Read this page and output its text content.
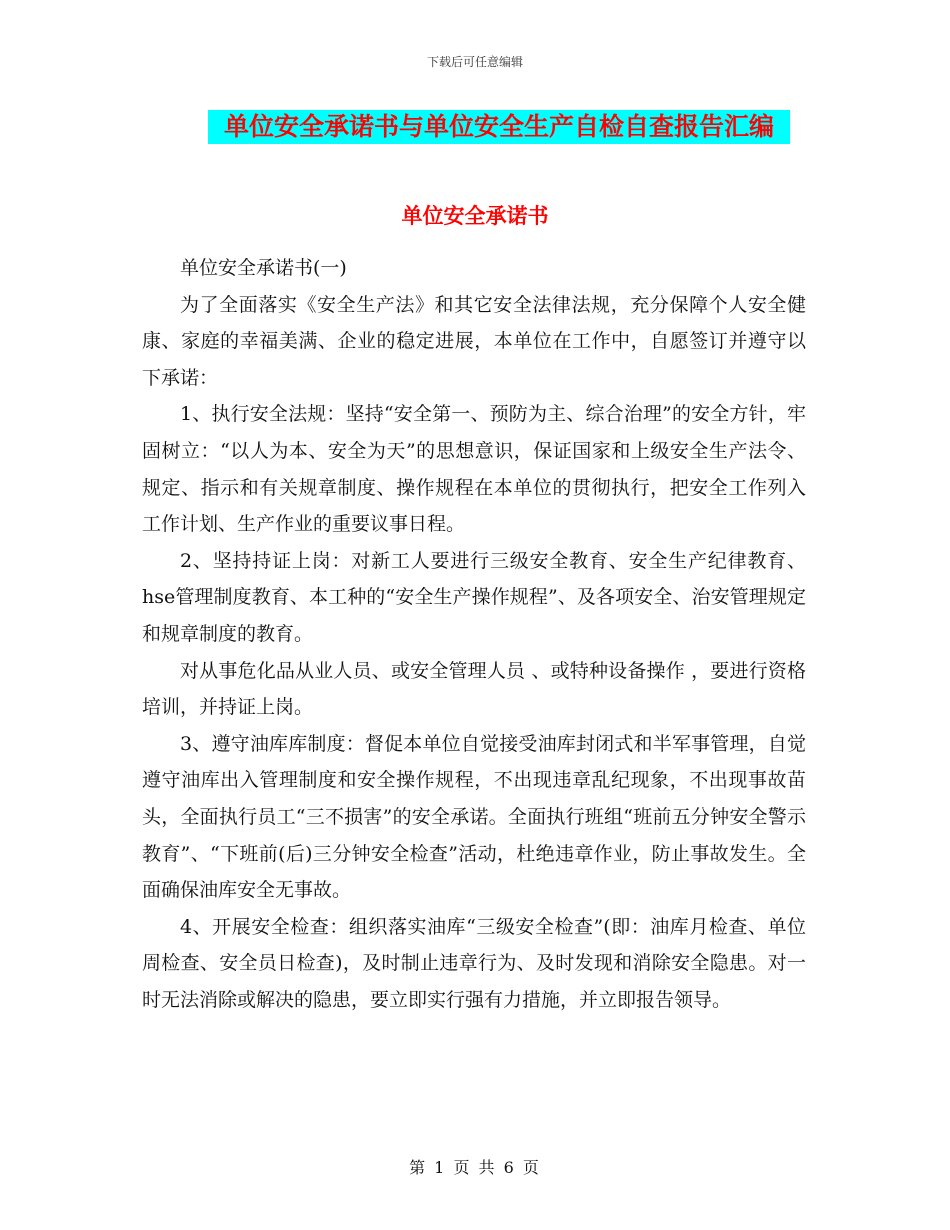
下载后可任意编辑
单位安全承诺书与单位安全生产自检自查报告汇编
单位安全承诺书

单位安全承诺书(一)

为了全面落实《安全生产法》和其它安全法律法规，充分保障个人安全健康、家庭的幸福美满、企业的稳定进展，本单位在工作中，自愿签订并遵守以下承诺：

1、执行安全法规：坚持“安全第一、预防为主、综合治理”的安全方针，牢固树立：“以人为本、安全为天”的思想意识，保证国家和上级安全生产法令、规定、指示和有关规章制度、操作规程在本单位的贯彻执行，把安全工作列入工作计划、生产作业的重要议事日程。

2、坚持持证上岗：对新工人要进行三级安全教育、安全生产纪律教育、hse管理制度教育、本工种的“安全生产操作规程”、及各项安全、治安管理规定和规章制度的教育。

对从事危化品从业人员、或安全管理人员 、或特种设备操作 ，要进行资格培训，并持证上岗。

3、遵守油库库制度：督促本单位自觉接受油库封闭式和半军事管理，自觉遵守油库出入管理制度和安全操作规程，不出现违章乱纪现象，不出现事故苗头，全面执行员工“三不损害”的安全承诺。全面执行班组“班前五分钟安全警示教育”、“下班前(后)三分钟安全检查”活动，杜绝违章作业，防止事故发生。全面确保油库安全无事故。

4、开展安全检查：组织落实油库“三级安全检查”(即：油库月检查、单位周检查、安全员日检查)，及时制止违章行为、及时发现和消除安全隐患。对一时无法消除或解决的隐患，要立即实行强有力措施，并立即报告领导。

第 1 页 共 6 页
